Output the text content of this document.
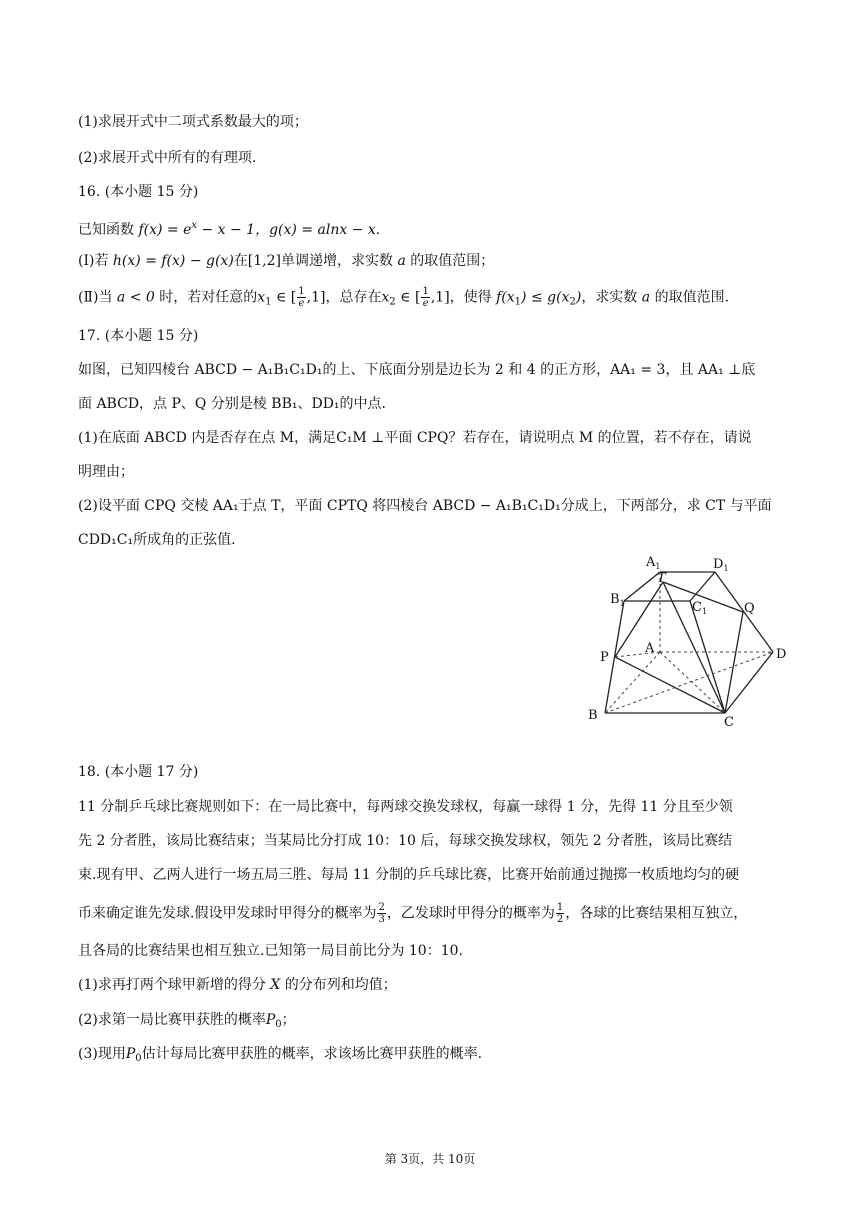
(1)求展开式中二项式系数最大的项；
(2)求展开式中所有的有理项.
16. (本小题 15 分)
已知函数 $f(x) = e^x - x - 1$，g(x) = alnx − x.
(Ⅰ)若 h(x) = f(x) − g(x)在[1,2]单调递增，求实数 a 的取值范围；
(Ⅱ)当 a < 0 时，若对任意的$x_1$ ∈ [ $\frac{1}{e} ,1$]，总存在$x_2$ ∈ [ $\frac{1}{e} ,1$]，使得 $f(x_1) \le g(x_2)$，求实数 a 的取值范围.
17. (本小题 15 分)
如图，已知四棱台 ABCD − A₁B₁C₁D₁的上、下底面分别是边长为 2 和 4 的正方形，AA₁ = 3，且 AA₁ ⊥底
面 ABCD，点 P、Q 分别是棱 BB₁、DD₁的中点.
(1)在底面 ABCD 内是否存在点 M，满足C₁M ⊥平面 CPQ？若存在，请说明点 M 的位置，若不存在，请说
明理由；
(2)设平面 CPQ 交棱 AA₁于点 T，平面 CPTQ 将四棱台 ABCD − A₁B₁C₁D₁分成上，下两部分，求 CT 与平面
CDD₁C₁所成角的正弦值.
$A_1$
T
$D_1$
$B_1$	$C_1$	Q
A	D
P
B	C
18. (本小题 17 分)
11 分制乒乓球比赛规则如下：在一局比赛中，每两球交换发球权，每赢一球得 1 分，先得 11 分且至少领
先 2 分者胜，该局比赛结束；当某局比分打成 10：10 后，每球交换发球权，领先 2 分者胜，该局比赛结
束.现有甲、乙两人进行一场五局三胜、每局 11 分制的乒乓球比赛，比赛开始前通过抛掷一枚质地均匀的硬
币来确定谁先发球.假设甲发球时甲得分的概率为 $\frac{2}{3}$ ，乙发球时甲得分的概率为 $\frac{1}{2}$ ，各球的比赛结果相互独立，
且各局的比赛结果也相互独立.已知第一局目前比分为 10：10.
(1)求再打两个球甲新增的得分 X 的分布列和均值；
(2)求第一局比赛甲获胜的概率$P_0$；
(3)现用$P_0$估计每局比赛甲获胜的概率，求该场比赛甲获胜的概率.
第 3页，共 10页
